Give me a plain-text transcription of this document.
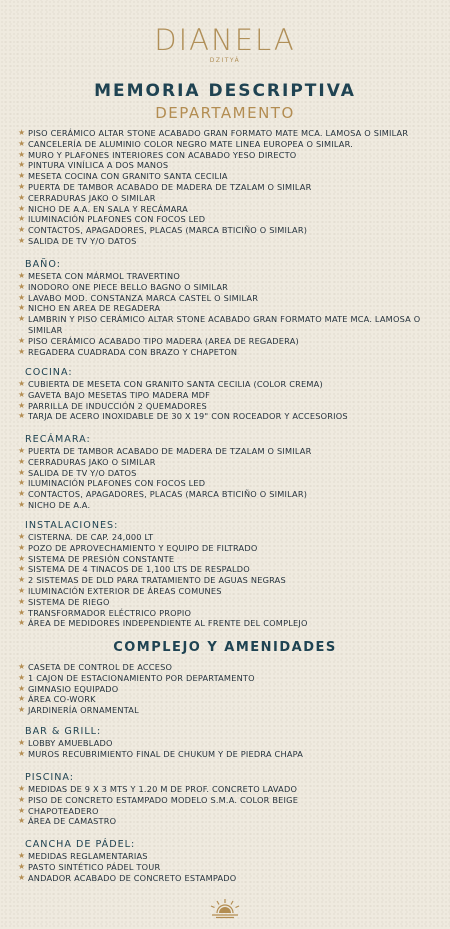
DIANELA
DZITYÁ
MEMORIA DESCRIPTIVA
DEPARTAMENTO
★ PISO CERÁMICO ALTAR STONE ACABADO GRAN FORMATO MATE MCA. LAMOSA O SIMILAR
★ CANCELERÍA DE ALUMINIO COLOR NEGRO MATE LINEA EUROPEA O SIMILAR.
★ MURO Y PLAFONES INTERIORES CON ACABADO YESO DIRECTO
★ PINTURA VINÍLICA A DOS MANOS
★ MESETA COCINA CON GRANITO SANTA CECILIA
★ PUERTA DE TAMBOR ACABADO DE MADERA DE TZALAM O SIMILAR
★ CERRADURAS JAKO O SIMILAR
★ NICHO DE A.A. EN SALA Y RECÁMARA
★ ILUMINACIÓN PLAFONES CON FOCOS LED
★ CONTACTOS, APAGADORES, PLACAS (MARCA BTICIÑO O SIMILAR)
★ SALIDA DE TV Y/O DATOS
BAÑO:
★ MESETA CON MÁRMOL TRAVERTINO
★ INODORO ONE PIECE BELLO BAGNO O SIMILAR
★ LAVABO MOD. CONSTANZA MARCA CASTEL O SIMILAR
★ NICHO EN AREA DE REGADERA
★ LAMBRIN Y PISO CERÁMICO ALTAR STONE ACABADO GRAN FORMATO MATE MCA. LAMOSA O SIMILAR
★ PISO CERÁMICO ACABADO TIPO MADERA (AREA DE REGADERA)
★ REGADERA CUADRADA CON BRAZO Y CHAPETON
COCINA:
★ CUBIERTA DE MESETA CON GRANITO SANTA CECILIA (COLOR CREMA)
★ GAVETA BAJO MESETAS TIPO MADERA MDF
★ PARRILLA DE INDUCCIÓN 2 QUEMADORES
★ TARJA DE ACERO INOXIDABLE DE 30 X 19" CON ROCEADOR Y ACCESORIOS
RECÁMARA:
★ PUERTA DE TAMBOR ACABADO DE MADERA DE TZALAM O SIMILAR
★ CERRADURAS JAKO O SIMILAR
★ SALIDA DE TV Y/O DATOS
★ ILUMINACIÓN PLAFONES CON FOCOS LED
★ CONTACTOS, APAGADORES, PLACAS (MARCA BTICIÑO O SIMILAR)
★ NICHO DE A.A.
INSTALACIONES:
★ CISTERNA. DE CAP. 24,000 LT
★ POZO DE APROVECHAMIENTO Y EQUIPO DE FILTRADO
★ SISTEMA DE PRESIÓN CONSTANTE
★ SISTEMA DE 4 TINACOS DE 1,100 LTS DE RESPALDO
★ 2 SISTEMAS DE DLD PARA TRATAMIENTO DE AGUAS NEGRAS
★ ILUMINACIÓN EXTERIOR DE ÁREAS COMUNES
★ SISTEMA DE RIEGO
★ TRANSFORMADOR ELÉCTRICO PROPIO
★ ÁREA DE MEDIDORES INDEPENDIENTE AL FRENTE DEL COMPLEJO
COMPLEJO Y AMENIDADES
★ CASETA DE CONTROL DE ACCESO
★ 1 CAJON DE ESTACIONAMIENTO POR DEPARTAMENTO
★ GIMNASIO EQUIPADO
★ ÁREA CO-WORK
★ JARDINERÍA ORNAMENTAL
BAR & GRILL:
★ LOBBY AMUEBLADO
★ MUROS RECUBRIMIENTO FINAL DE CHUKUM Y DE PIEDRA CHAPA
PISCINA:
★ MEDIDAS DE 9 X 3 MTS Y 1.20 M DE PROF. CONCRETO LAVADO
★ PISO DE CONCRETO ESTAMPADO MODELO S.M.A. COLOR BEIGE
★ CHAPOTEADERO
★ ÁREA DE CAMASTRO
CANCHA DE PÁDEL:
★ MEDIDAS REGLAMENTARIAS
★ PASTO SINTÉTICO PÁDEL TOUR
★ ANDADOR ACABADO DE CONCRETO ESTAMPADO
